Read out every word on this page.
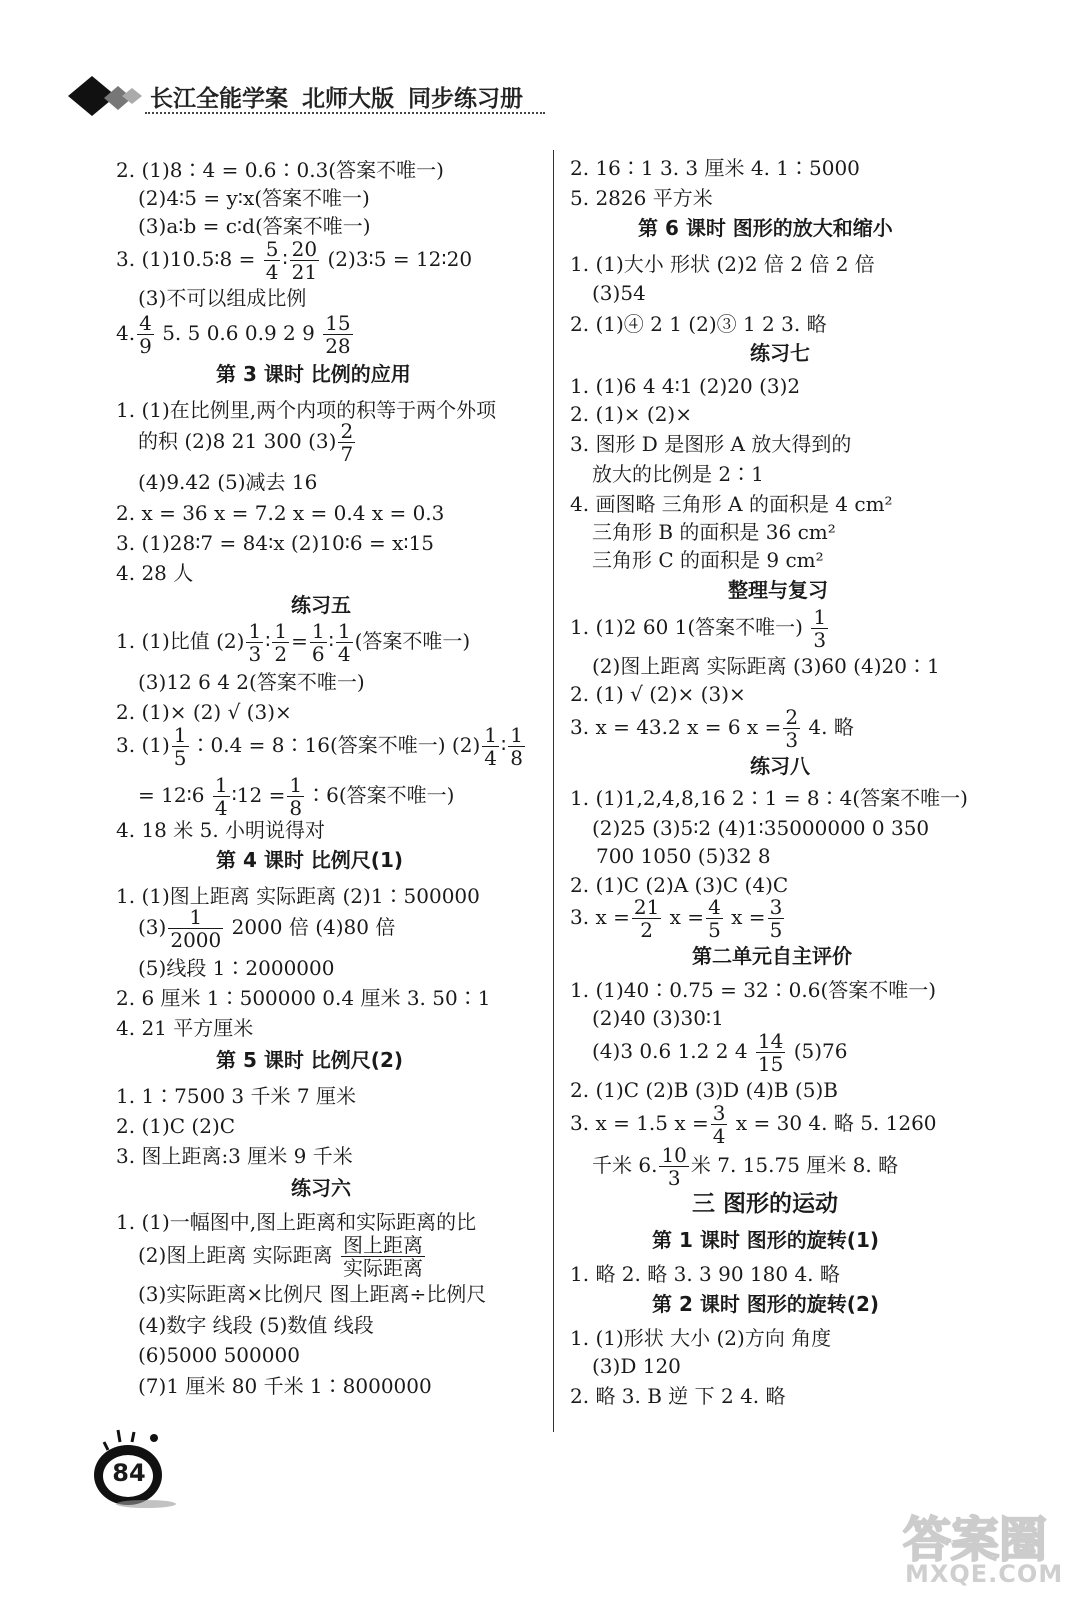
长江全能学案 北师大版 同步练习册
2. (1)8∶4 = 0.6∶0.3(答案不唯一)
(2)4∶5 = y∶x(答案不唯一)
(3)a∶b = c∶d(答案不唯一)
3. (1)10.5∶8 = $\frac{5}{4}$ ∶ $\frac{20}{21}$ (2)3∶5 = 12∶20
(3)不可以组成比例
4. $\frac{4}{9} 5$. 5 0.6 0.9 2 $9 \frac{15}{28}$
第 3 课时 比例的应用
1. (1)在比例里,两个内项的积等于两个外项
的积 (2)8 21 300 $(3) \frac{2}{7}$
(4)9.42 (5)减去 16
2. x = 36 x = 7.2 x = 0.4 x = 0.3
3. (1)28∶7 = 84∶x (2)10∶6 = x∶15
4. 28 人
练习五
1. (1)比值 $(2) \frac{1}{3}$ ∶ $\frac{1}{2} = \frac{1}{6}$ ∶ $\frac{1}{4}$ (答案不唯一)
(3)12 6 4 2(答案不唯一)
2. (1)× (2) √ (3)×
3. $(1) \frac{1}{5}$ ∶0.4 = 8∶16(答案不唯一) $(2) \frac{1}{4}$ ∶ $\frac{1}{8}$
= 12∶6 $\frac{1}{4}$ ∶12 = $\frac{1}{8}$ ∶6(答案不唯一)
4. 18 米 5. 小明说得对
第 4 课时 比例尺(1)
1. (1)图上距离 实际距离 (2)1∶500000
$(3) \frac{1}{2000} 2000$ 倍 (4)80 倍
(5)线段 1∶2000000
2. 6 厘米 1∶500000 0.4 厘米 3. 50∶1
4. 21 平方厘米
第 5 课时 比例尺(2)
1. 1∶7500 3 千米 7 厘米
2. (1)C (2)C
3. 图上距离:3 厘米 9 千米
练习六
1. (1)一幅图中,图上距离和实际距离的比
(2)图上距离 实际距离 $\frac{\text{图上距离}}{\text{实际距离}}$
(3)实际距离×比例尺 图上距离÷比例尺
(4)数字 线段 (5)数值 线段
(6)5000 500000
(7)1 厘米 80 千米 1∶8000000
2. 16∶1 3. 3 厘米 4. 1∶5000
5. 2826 平方米
第 6 课时 图形的放大和缩小
1. (1)大小 形状 (2)2 倍 2 倍 2 倍
(3)54
2. (1)④ 2 1 (2)③ 1 2 3. 略
练习七
1. (1)6 4 4∶1 (2)20 (3)2
2. (1)× (2)×
3. 图形 D 是图形 A 放大得到的
放大的比例是 2∶1
4. 画图略 三角形 A 的面积是 4 cm²
三角形 B 的面积是 36 cm²
三角形 C 的面积是 9 cm²
整理与复习
1. (1)2 60 1(答案不唯一) $\frac{1}{3}$
(2)图上距离 实际距离 (3)60 (4)20∶1
2. (1) √ (2)× (3)×
3. x = 43.2 x = 6 $x = \frac{2}{3} 4$. 略
练习八
1. (1)1,2,4,8,16 2∶1 = 8∶4(答案不唯一)
(2)25 (3)5∶2 (4)1∶35000000 0 350
700 1050 (5)32 8
2. (1)C (2)A (3)C (4)C
3. $x = \frac{21}{2}$ $x = \frac{4}{5}$ $x = \frac{3}{5}$
第二单元自主评价
1. (1)40∶0.75 = 32∶0.6(答案不唯一)
(2)40 (3)30∶1
(4)3 0.6 1.2 2 $4 \frac{14}{15} (5)76$
2. (1)C (2)B (3)D (4)B (5)B
3. x = 1.5 $x = \frac{3}{4}$ x = 30 4. 略 5. 1260
千米 6. $\frac{10}{3}$ 米 7. 15.75 厘米 8. 略
三 图形的运动
第 1 课时 图形的旋转(1)
1. 略 2. 略 3. 3 90 180 4. 略
第 2 课时 图形的旋转(2)
1. (1)形状 大小 (2)方向 角度
(3)D 120
2. 略 3. B 逆 下 2 4. 略
84
答案圈
MXQE.COM
